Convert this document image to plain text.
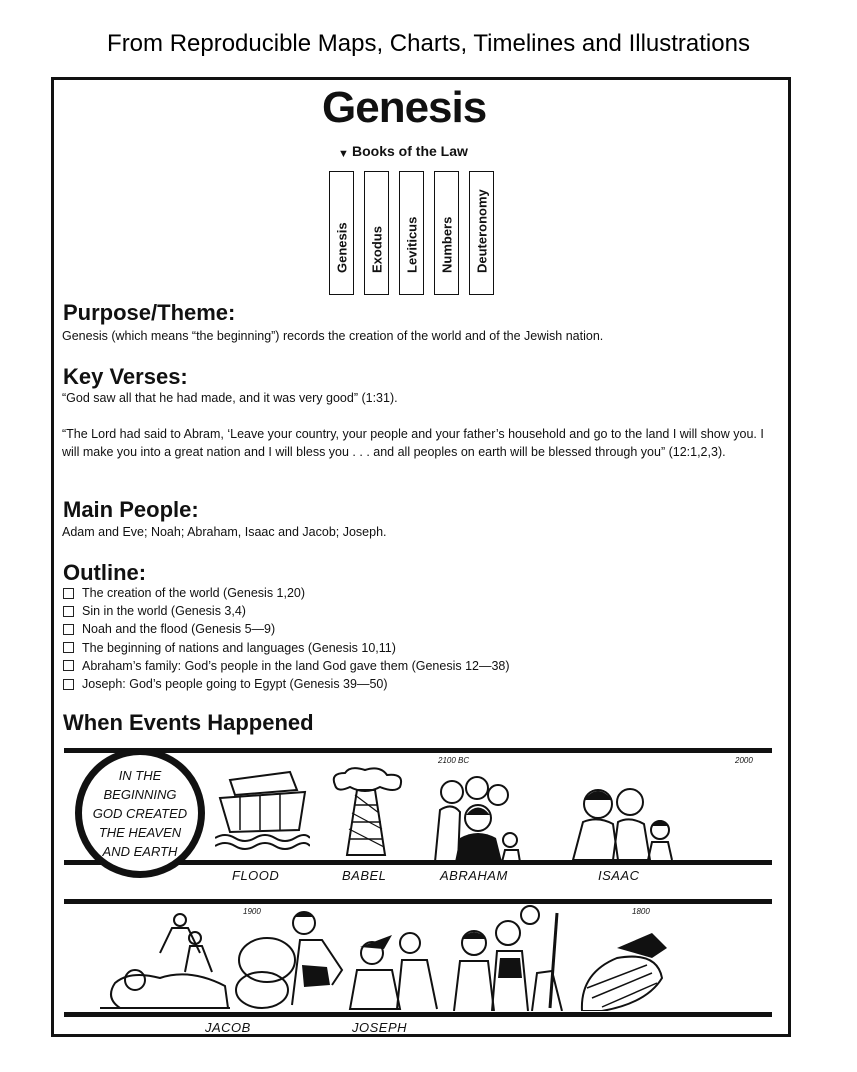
From Reproducible Maps, Charts, Timelines and Illustrations
Genesis
▼ Books of the Law
Genesis Exodus Leviticus Numbers Deuteronomy
Purpose/Theme:
Genesis (which means “the beginning”) records the creation of the world and of the Jewish nation.
Key Verses:
“God saw all that he had made, and it was very good” (1:31).
“The Lord had said to Abram, ‘Leave your country, your people and your father’s household and go to the land I will show you. I will make you into a great nation and I will bless you . . . and all peoples on earth will be blessed through you” (12:1,2,3).
Main People:
Adam and Eve; Noah; Abraham, Isaac and Jacob; Joseph.
Outline:
The creation of the world (Genesis 1,20)
Sin in the world (Genesis 3,4)
Noah and the flood (Genesis 5—9)
The beginning of nations and languages (Genesis 10,11)
Abraham’s family: God’s people in the land God gave them (Genesis 12—38)
Joseph: God’s people going to Egypt (Genesis 39—50)
When Events Happened
IN THE BEGINNING GOD CREATED THE HEAVEN AND EARTH
2100 BC	2000
FLOOD	BABEL	ABRAHAM	ISAAC
1900	1800
JACOB	JOSEPH
